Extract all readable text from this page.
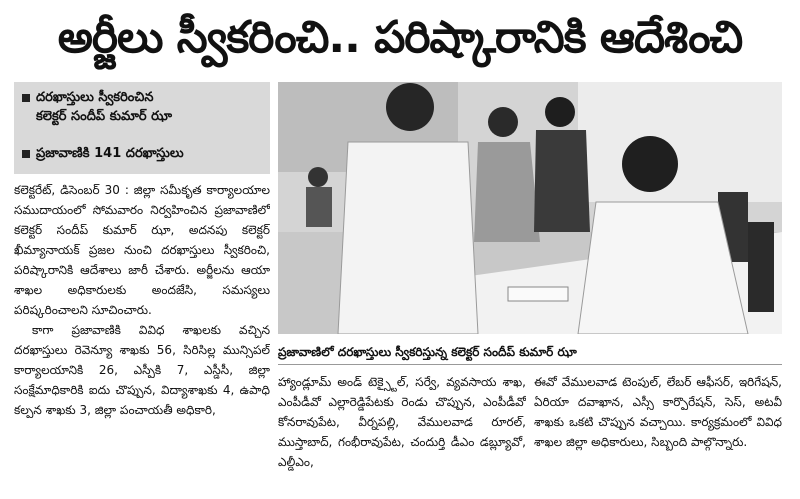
అర్జీలు స్వీకరించి.. పరిష్కారానికి ఆదేశించి
దరఖాస్తులు స్వీకరించిన
కలెక్టర్ సందీప్ కుమార్ ఝా
ప్రజావాణికి 141 దరఖాస్తులు
ప్రజావాణిలో దరఖాస్తులు స్వీకరిస్తున్న కలెక్టర్ సందీప్ కుమార్ ఝా

కలెక్టరేట్, డిసెంబర్ 30 : జిల్లా సమీకృత కార్యాలయాల సముదాయంలో సోమవారం నిర్వహించిన ప్రజావాణిలో కలెక్టర్ సందీప్ కుమార్ ఝా, అదనపు కలెక్టర్ ఖీమ్యానాయక్ ప్రజల నుంచి దరఖాస్తులు స్వీకరించి, పరిష్కారానికి ఆదేశాలు జారీ చేశారు. అర్జీలను ఆయా శాఖల అధికారులకు అందజేసి, సమస్యలు పరిష్కరించాలని సూచించారు.

కాగా ప్రజావాణికి వివిధ శాఖలకు వచ్చిన దరఖాస్తులు రెవెన్యూ శాఖకు 56, సిరిసిల్ల మున్సిపల్ కార్యాలయానికి 26, ఎస్పీకి 7, ఎస్డీసీ, జిల్లా సంక్షేమాధికారికి ఐదు చొప్పున, విద్యాశాఖకు 4, ఉపాధి కల్పన శాఖకు 3, జిల్లా పంచాయతీ అధికారి,

హ్యాండ్లూమ్ అండ్ టెక్స్టైల్, సర్వే, వ్యవసాయ శాఖ, ఎంపీడీవో ఎల్లారెడ్డిపేటకు రెండు చొప్పున, ఎంపీడీవో కోనరావుపేట, వీర్నపల్లి, వేములవాడ రూరల్, ముస్తాబాద్, గంభీరావుపేట, చందుర్తి డీఎం డబ్ల్యూవో, ఎల్డీఎం,

ఈవో వేములవాడ టెంపుల్, లేబర్ ఆఫీసర్, ఇరిగేషన్, ఏరియా దవాఖాన, ఎస్సీ కార్పొరేషన్, సెస్, అటవీ శాఖకు ఒకటి చొప్పున వచ్చాయి. కార్యక్రమంలో వివిధ శాఖల జిల్లా అధికారులు, సిబ్బంది పాల్గొన్నారు.
